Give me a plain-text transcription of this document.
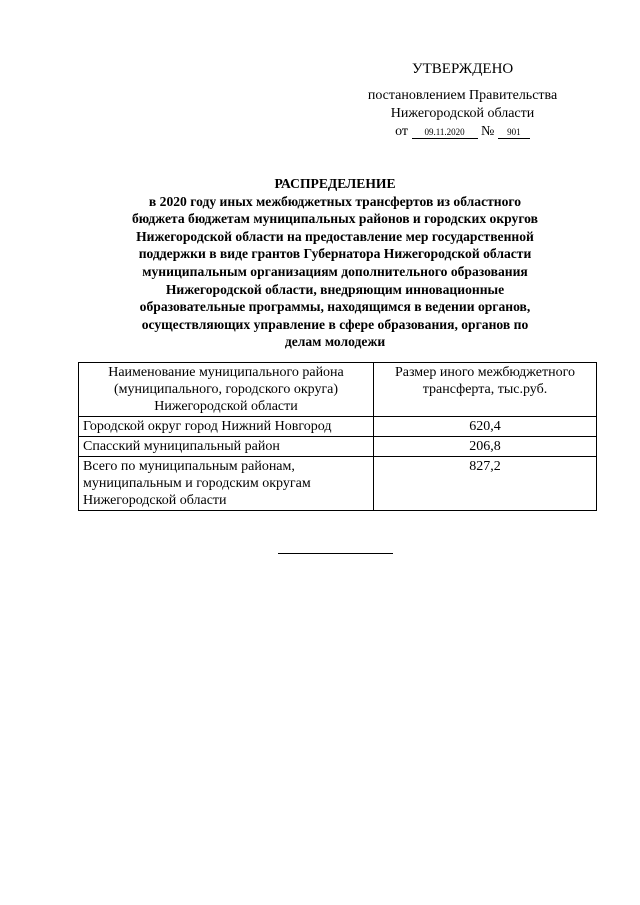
УТВЕРЖДЕНО
постановлением Правительства
Нижегородской области
от 09.11.2020 № 901
РАСПРЕДЕЛЕНИЕ
в 2020 году иных межбюджетных трансфертов из областного
бюджета бюджетам муниципальных районов и городских округов
Нижегородской области на предоставление мер государственной
поддержки в виде грантов Губернатора Нижегородской области
муниципальным организациям дополнительного образования
Нижегородской области, внедряющим инновационные
образовательные программы, находящимся в ведении органов,
осуществляющих управление в сфере образования, органов по
делам молодежи
Наименование муниципального района
(муниципального, городского округа)
Нижегородской области	Размер иного межбюджетного
трансферта, тыс.руб.

Городской округ город Нижний Новгород	620,4

Спасский муниципальный район	206,8

Всего по муниципальным районам,
муниципальным и городским округам
Нижегородской области	827,2
